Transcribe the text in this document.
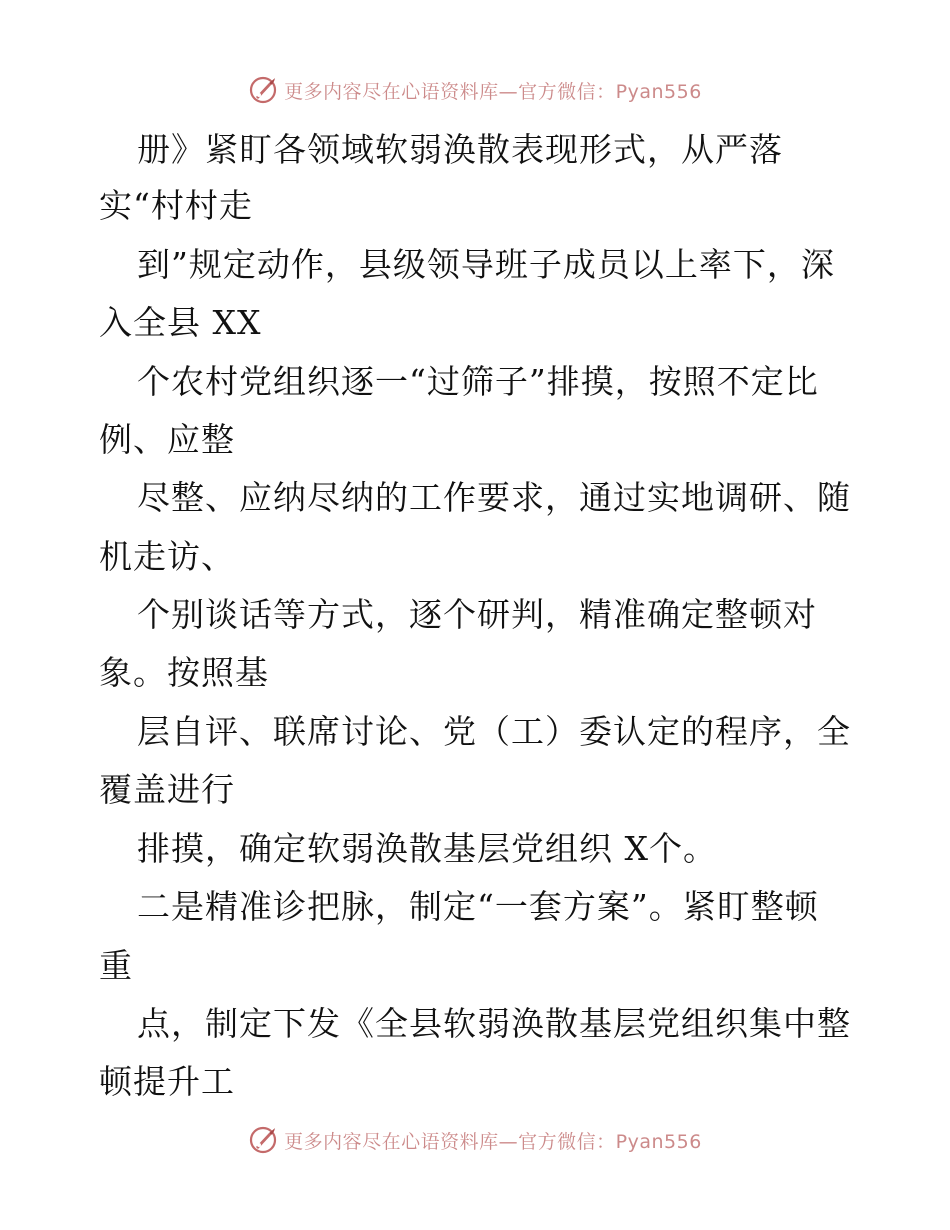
更多内容尽在心语资料库—官方微信：Pyan556
册》紧盯各领域软弱涣散表现形式，从严落
实“村村走
到”规定动作，县级领导班子成员以上率下，深
入全县 XX
个农村党组织逐一“过筛子”排摸，按照不定比
例、应整
尽整、应纳尽纳的工作要求，通过实地调研、随
机走访、
个别谈话等方式，逐个研判，精准确定整顿对
象。按照基
层自评、联席讨论、党（工）委认定的程序，全
覆盖进行
排摸，确定软弱涣散基层党组织 X个。
二是精准诊把脉，制定“一套方案”。紧盯整顿
重
点，制定下发《全县软弱涣散基层党组织集中整
顿提升工
更多内容尽在心语资料库—官方微信：Pyan556
